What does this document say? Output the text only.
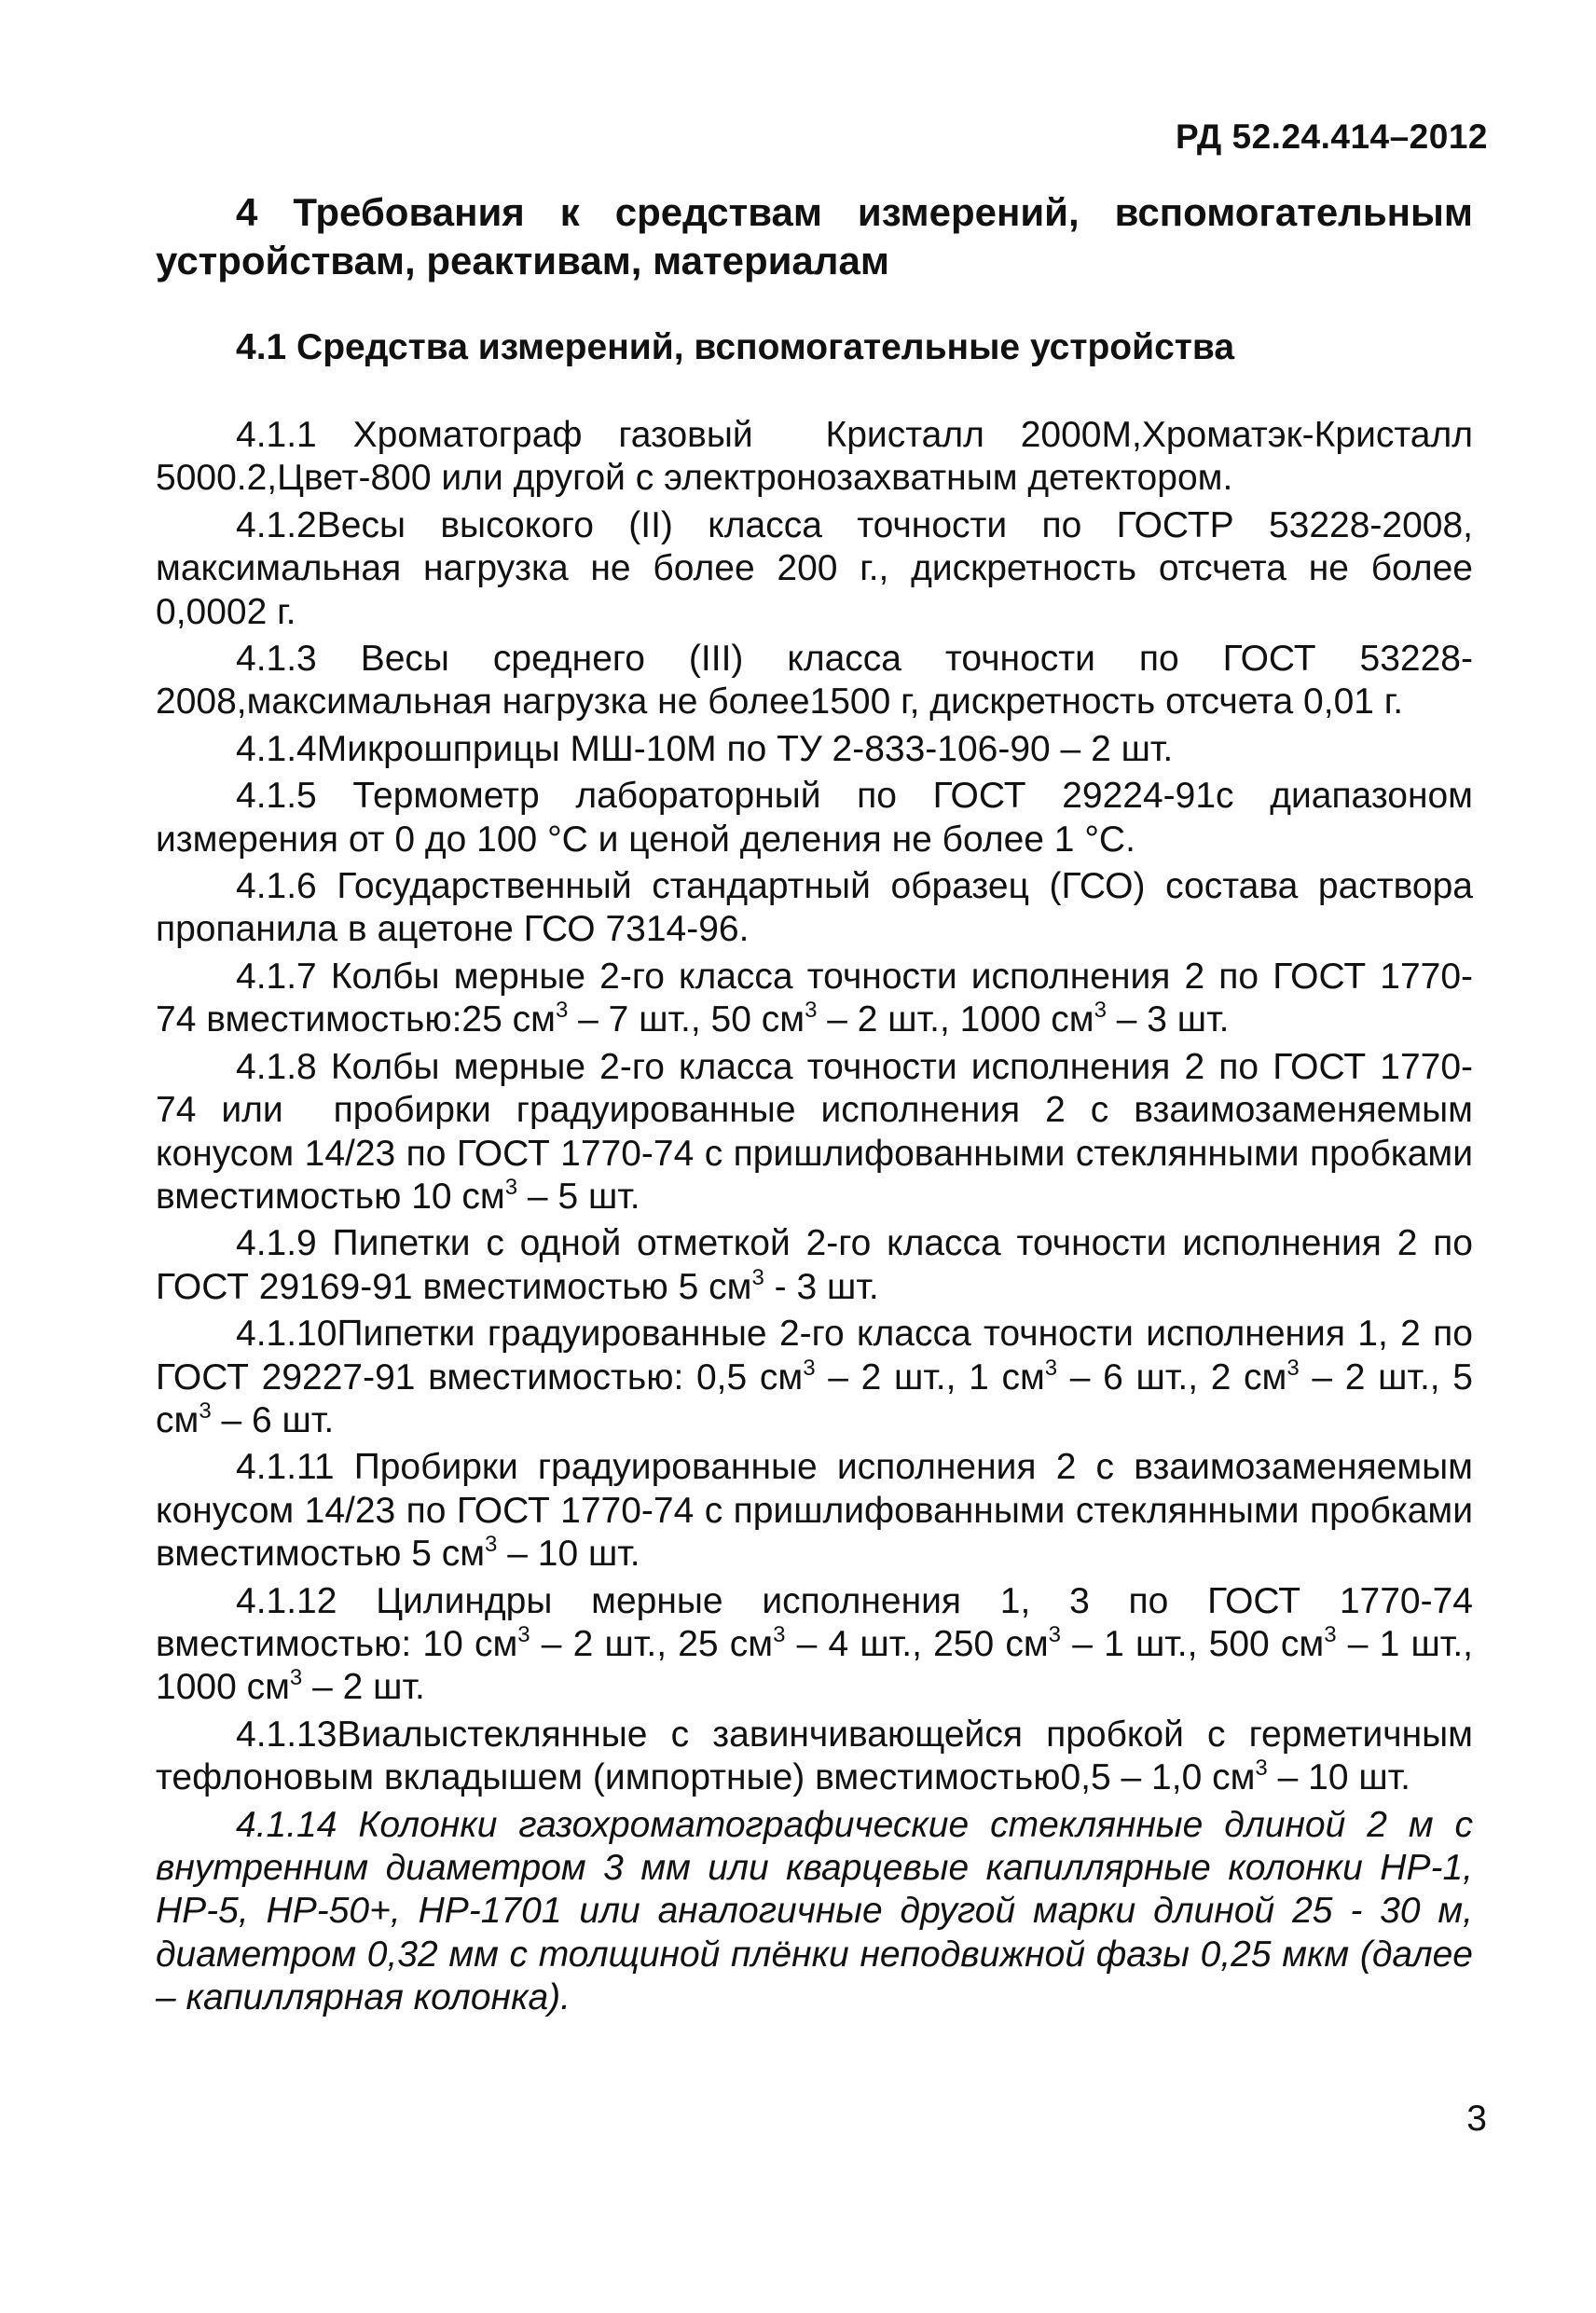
РД 52.24.414–2012
4 Требования к средствам измерений, вспомогательным устройствам, реактивам, материалам
4.1 Средства измерений, вспомогательные устройства

4.1.1 Хроматограф газовый  Кристалл 2000М,Хроматэк-Кристалл 5000.2,Цвет-800 или другой с электронозахватным детектором.

4.1.2Весы высокого (II) класса точности по ГОСТР 53228-2008, максимальная нагрузка не более 200 г., дискретность отсчета не более 0,0002 г.

4.1.3 Весы среднего (III) класса точности по ГОСТ 53228-2008,максимальная нагрузка не более1500 г, дискретность отсчета 0,01 г.

4.1.4Микрошприцы МШ-10М по ТУ 2-833-106-90 – 2 шт.

4.1.5 Термометр лабораторный по ГОСТ 29224-91с диапазоном измерения от 0 до 100 °С и ценой деления не более 1 °С.

4.1.6 Государственный стандартный образец (ГСО) состава раствора пропанила в ацетоне ГСО 7314-96.

4.1.7 Колбы мерные 2-го класса точности исполнения 2 по ГОСТ 1770-74 вместимостью:25 $см^3 - 7$ шт., 50 $см^3 - 2$ шт., 1000 $см^3 - 3$ шт.

4.1.8 Колбы мерные 2-го класса точности исполнения 2 по ГОСТ 1770-74 или  пробирки градуированные исполнения 2 с взаимозаменяемым конусом 14/23 по ГОСТ 1770-74 с пришлифованными стеклянными пробками вместимостью 10 $см^3 - 5$ шт.

4.1.9 Пипетки с одной отметкой 2-го класса точности исполнения 2 по ГОСТ 29169-91 вместимостью 5 $см^3 - 3$ шт.

4.1.10Пипетки градуированные 2-го класса точности исполнения 1, 2 по ГОСТ 29227-91 вместимостью: 0,5 $см^3 - 2$ шт., 1 $см^3 - 6$ шт., 2 $см^3 - 2$ шт., 5 $см^3 - 6$ шт.

4.1.11 Пробирки градуированные исполнения 2 с взаимозаменяемым конусом 14/23 по ГОСТ 1770-74 с пришлифованными стеклянными пробками вместимостью 5 $см^3 - 10$ шт.

4.1.12 Цилиндры мерные исполнения 1, 3 по ГОСТ 1770-74 вместимостью: 10 $см^3 - 2$ шт., 25 $см^3 - 4$ шт., 250 $см^3 - 1$ шт., 500 $см^3 - 1$ шт., 1000 $см^3 - 2$ шт.

4.1.13Виалыстеклянные с завинчивающейся пробкой с герметичным тефлоновым вкладышем (импортные) вместимостью0,5 – 1,0 $см^3 - 10$ шт.

4.1.14 Колонки газохроматографические стеклянные длиной 2 м с внутренним диаметром 3 мм или кварцевые капиллярные колонки НР-1, НР-5, НР-50+, НР-1701 или аналогичные другой марки длиной 25 - 30 м, диаметром 0,32 мм с толщиной плёнки неподвижной фазы 0,25 мкм (далее – капиллярная колонка).

3
